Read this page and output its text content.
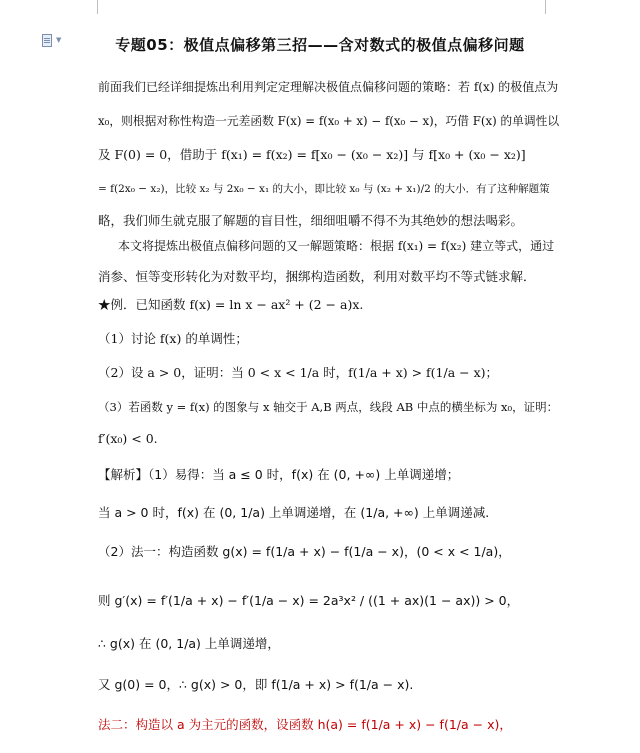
▼	专题05：极值点偏移第三招——含对数式的极值点偏移问题
前面我们已经详细提炼出利用判定定理解决极值点偏移问题的策略：若 f(x) 的极值点为
x₀，则根据对称性构造一元差函数 F(x) = f(x₀ + x) − f(x₀ − x)，巧借 F(x) 的单调性以
及 F(0) = 0，借助于 f(x₁) = f(x₂) = f[x₀ − (x₀ − x₂)] 与 f[x₀ + (x₀ − x₂)]
= f(2x₀ − x₂)，比较 x₂ 与 2x₀ − x₁ 的大小，即比较 x₀ 与 (x₂ + x₁)/2 的大小．有了这种解题策
略，我们师生就克服了解题的盲目性，细细咀嚼不得不为其绝妙的想法喝彩。
本文将提炼出极值点偏移问题的又一解题策略：根据 f(x₁) = f(x₂) 建立等式，通过
消参、恒等变形转化为对数平均，捆绑构造函数，利用对数平均不等式链求解．
★例．已知函数 f(x) = ln x − ax² + (2 − a)x.
（1）讨论 f(x) 的单调性；
（2）设 a > 0，证明：当 0 < x < 1/a 时，f(1/a + x) > f(1/a − x)；
（3）若函数 y = f(x) 的图象与 x 轴交于 A,B 两点，线段 AB 中点的横坐标为 x₀，证明：
f′(x₀) < 0.
【解析】（1）易得：当 a ≤ 0 时，f(x) 在 (0, +∞) 上单调递增；
当 a > 0 时，f(x) 在 (0, 1/a) 上单调递增，在 (1/a, +∞) 上单调递减.
（2）法一：构造函数 g(x) = f(1/a + x) − f(1/a − x)，(0 < x < 1/a)，
则 g′(x) = f′(1/a + x) − f′(1/a − x) = 2a³x² / ((1 + ax)(1 − ax)) > 0，
∴ g(x) 在 (0, 1/a) 上单调递增，
又 g(0) = 0，∴ g(x) > 0，即 f(1/a + x) > f(1/a − x).
法二：构造以 a 为主元的函数，设函数 h(a) = f(1/a + x) − f(1/a − x)，
